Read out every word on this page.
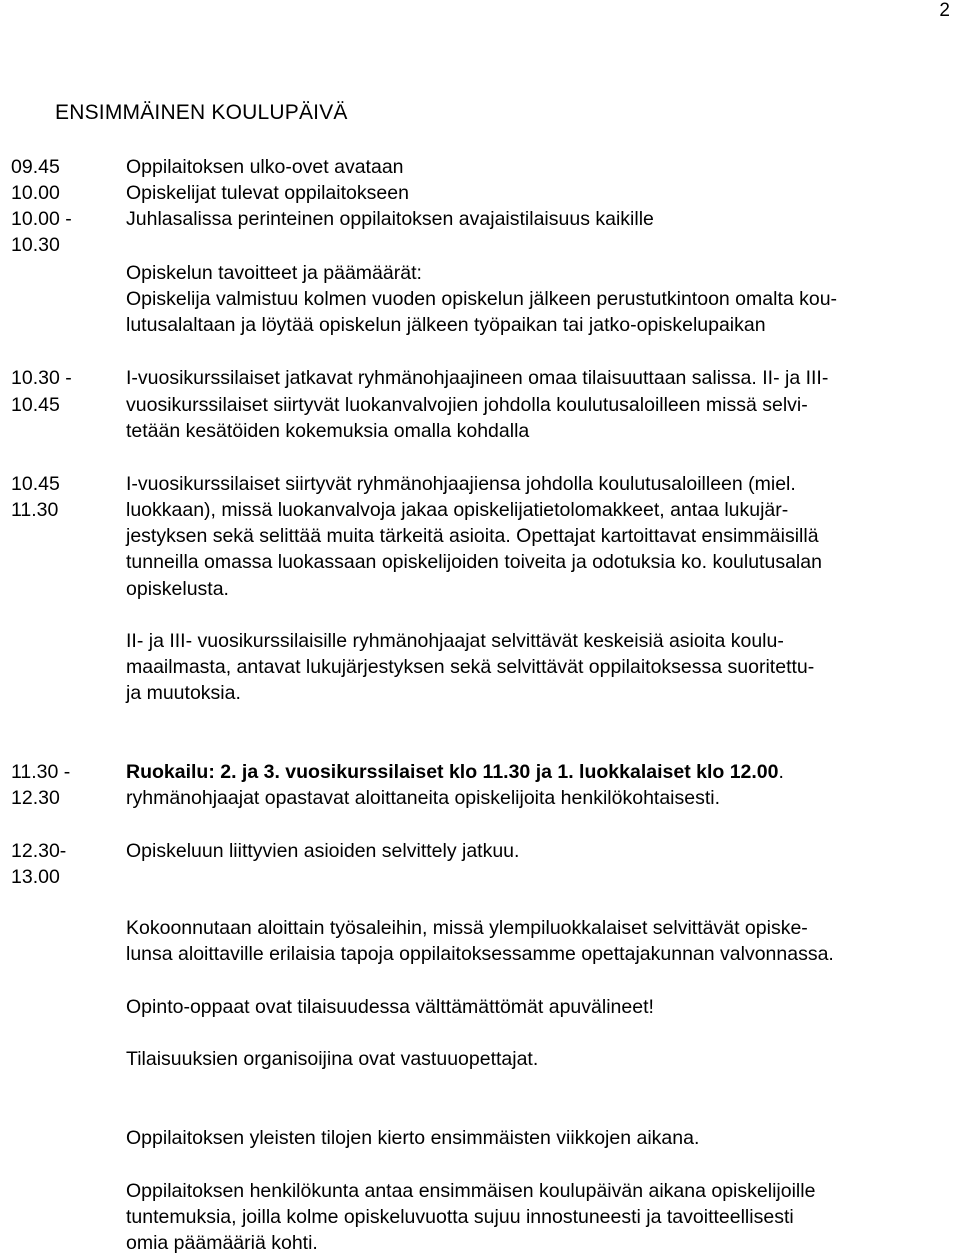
2
ENSIMMÄINEN KOULUPÄIVÄ
09.45
10.00
10.00 -
10.30
10.30 -
10.45
10.45
11.30
11.30 -
12.30
12.30-
13.00
Oppilaitoksen ulko-ovet avataan
Opiskelijat tulevat oppilaitokseen
Juhlasalissa perinteinen oppilaitoksen avajaistilaisuus kaikille
Opiskelun tavoitteet ja päämäärät:
Opiskelija valmistuu kolmen vuoden opiskelun jälkeen perustutkintoon omalta kou-
lutusalaltaan ja löytää opiskelun jälkeen työpaikan tai jatko-opiskelupaikan
I-vuosikurssilaiset jatkavat ryhmänohjaajineen omaa tilaisuuttaan salissa. II- ja III-
vuosikurssilaiset siirtyvät luokanvalvojien johdolla koulutusaloilleen missä selvi-
tetään kesätöiden kokemuksia omalla kohdalla
I-vuosikurssilaiset siirtyvät ryhmänohjaajiensa johdolla koulutusaloilleen (miel.
luokkaan), missä luokanvalvoja jakaa opiskelijatietolomakkeet, antaa lukujär-
jestyksen sekä selittää muita tärkeitä asioita. Opettajat kartoittavat ensimmäisillä
tunneilla omassa luokassaan opiskelijoiden toiveita ja odotuksia ko. koulutusalan
opiskelusta.
II- ja III- vuosikurssilaisille ryhmänohjaajat selvittävät keskeisiä asioita koulu-
maailmasta, antavat lukujärjestyksen sekä selvittävät oppilaitoksessa suoritettu-
ja muutoksia.
Ruokailu: 2. ja 3. vuosikurssilaiset klo 11.30 ja 1. luokkalaiset klo 12.00.
ryhmänohjaajat opastavat aloittaneita opiskelijoita henkilökohtaisesti.
Opiskeluun liittyvien asioiden selvittely jatkuu.
Kokoonnutaan aloittain työsaleihin, missä ylempiluokkalaiset selvittävät opiske-
lunsa aloittaville erilaisia tapoja oppilaitoksessamme opettajakunnan valvonnassa.
Opinto-oppaat ovat tilaisuudessa välttämättömät apuvälineet!
Tilaisuuksien organisoijina ovat vastuuopettajat.
Oppilaitoksen yleisten tilojen kierto ensimmäisten viikkojen aikana.
Oppilaitoksen henkilökunta antaa ensimmäisen koulupäivän aikana opiskelijoille
tuntemuksia, joilla kolme opiskeluvuotta sujuu innostuneesti ja tavoitteellisesti
omia päämääriä kohti.
